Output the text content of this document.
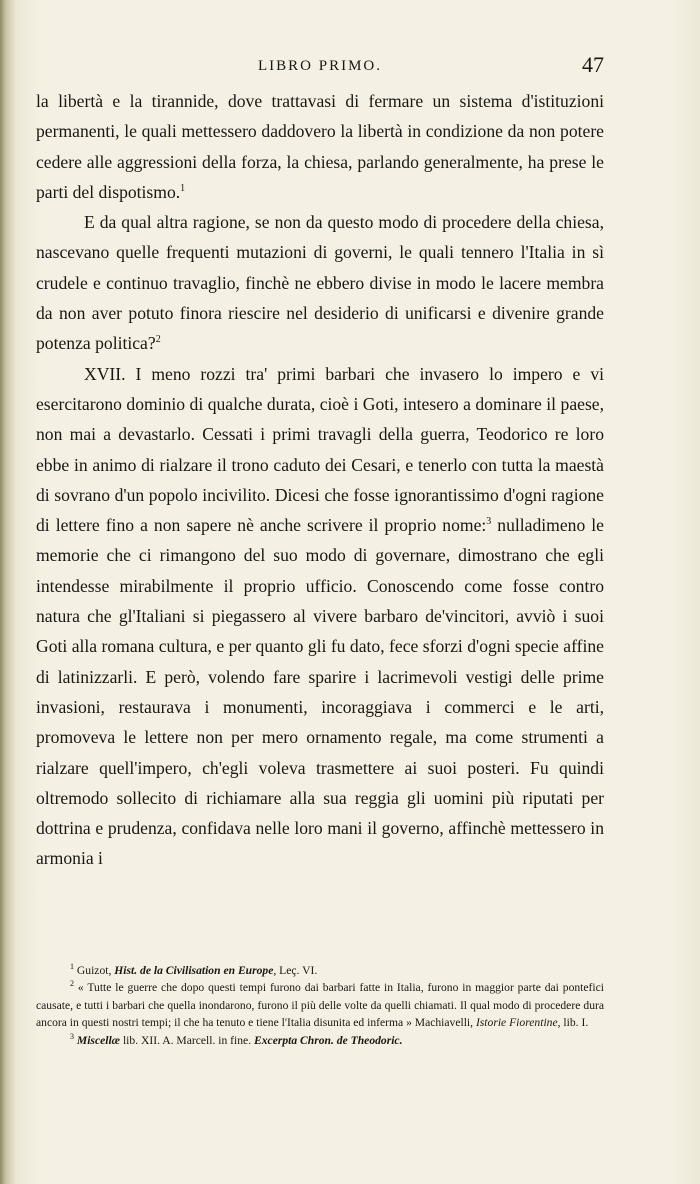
LIBRO PRIMO.	47

la libertà e la tirannide, dove trattavasi di fermare un sistema d'istituzioni permanenti, le quali mettessero daddovero la libertà in condizione da non potere cedere alle aggressioni della forza, la chiesa, parlando generalmente, ha prese le parti del dispotismo.$^1$

E da qual altra ragione, se non da questo modo di procedere della chiesa, nascevano quelle frequenti mutazioni di governi, le quali tennero l'Italia in sì crudele e continuo travaglio, finchè ne ebbero divise in modo le lacere membra da non aver potuto finora riescire nel desiderio di unificarsi e divenire grande potenza politica?$^2$

XVII. I meno rozzi tra' primi barbari che invasero lo impero e vi esercitarono dominio di qualche durata, cioè i Goti, intesero a dominare il paese, non mai a devastarlo. Cessati i primi travagli della guerra, Teodorico re loro ebbe in animo di rialzare il trono caduto dei Cesari, e tenerlo con tutta la maestà di sovrano d'un popolo incivilito. Dicesi che fosse ignorantissimo d'ogni ragione di lettere fino a non sapere nè anche scrivere il proprio nome:$^3$ nulladimeno le memorie che ci rimangono del suo modo di governare, dimostrano che egli intendesse mirabilmente il proprio ufficio. Conoscendo come fosse contro natura che gl'Italiani si piegassero al vivere barbaro de'vincitori, avviò i suoi Goti alla romana cultura, e per quanto gli fu dato, fece sforzi d'ogni specie affine di latinizzarli. E però, volendo fare sparire i lacrimevoli vestigi delle prime invasioni, restaurava i monumenti, incoraggiava i commerci e le arti, promoveva le lettere non per mero ornamento regale, ma come strumenti a rialzare quell'impero, ch'egli voleva trasmettere ai suoi posteri. Fu quindi oltremodo sollecito di richiamare alla sua reggia gli uomini più riputati per dottrina e prudenza, confidava nelle loro mani il governo, affinchè mettessero in armonia i

$^1$ Guizot, Hist. de la Civilisation en Europe, Leç. VI.

$^2$ « Tutte le guerre che dopo questi tempi furono dai barbari fatte in Italia, furono in maggior parte dai pontefici causate, e tutti i barbari che quella inondarono, furono il più delle volte da quelli chiamati. Il qual modo di procedere dura ancora in questi nostri tempi; il che ha tenuto e tiene l'Italia disunita ed inferma » Machiavelli, Istorie Fiorentine, lib. I.

$^3$ Miscellæ lib. XII. A. Marcell. in fine. Excerpta Chron. de Theodoric.
